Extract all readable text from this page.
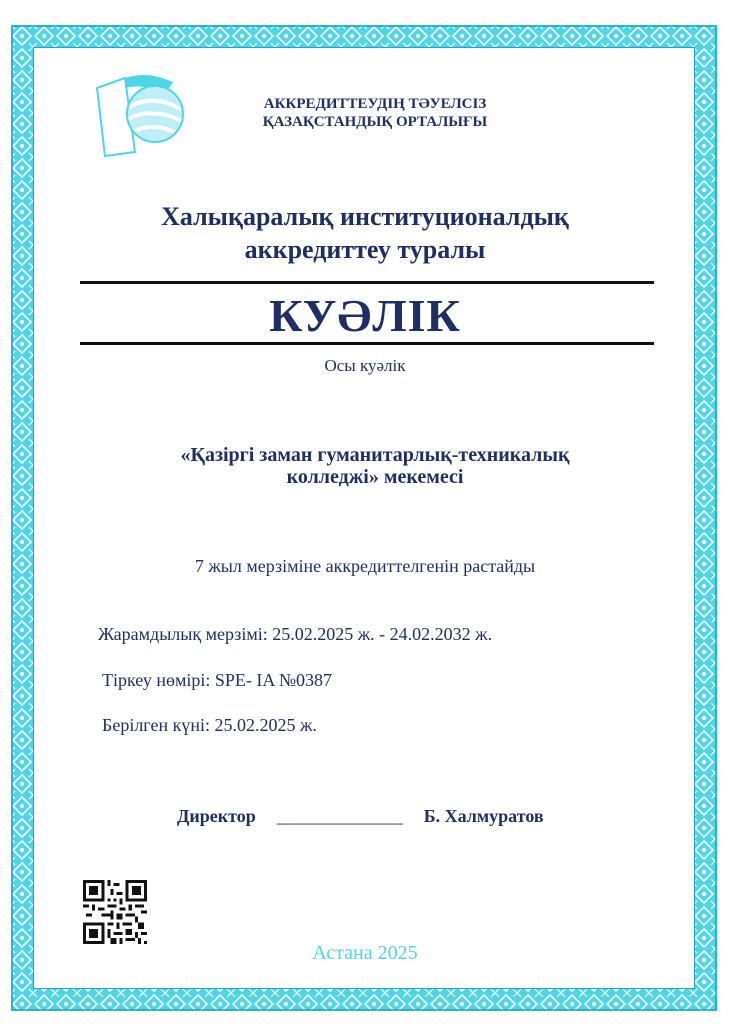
АККРЕДИТТЕУДІҢ ТӘУЕЛСІЗ
ҚАЗАҚСТАНДЫҚ ОРТАЛЫҒЫ
Халықаралық институционалдық
аккредиттеу туралы
КУӘЛІК
Осы куәлік
«Қазіргі заман гуманитарлық-техникалық
колледжі» мекемесі
7 жыл мерзіміне аккредиттелгенін растайды
Жарамдылық мерзімі: 25.02.2025 ж. - 24.02.2032 ж.
Тіркеу нөмірі: SPE- IA №0387
Берілген күні: 25.02.2025 ж.
Директор ______________ Б. Халмуратов
Астана 2025
